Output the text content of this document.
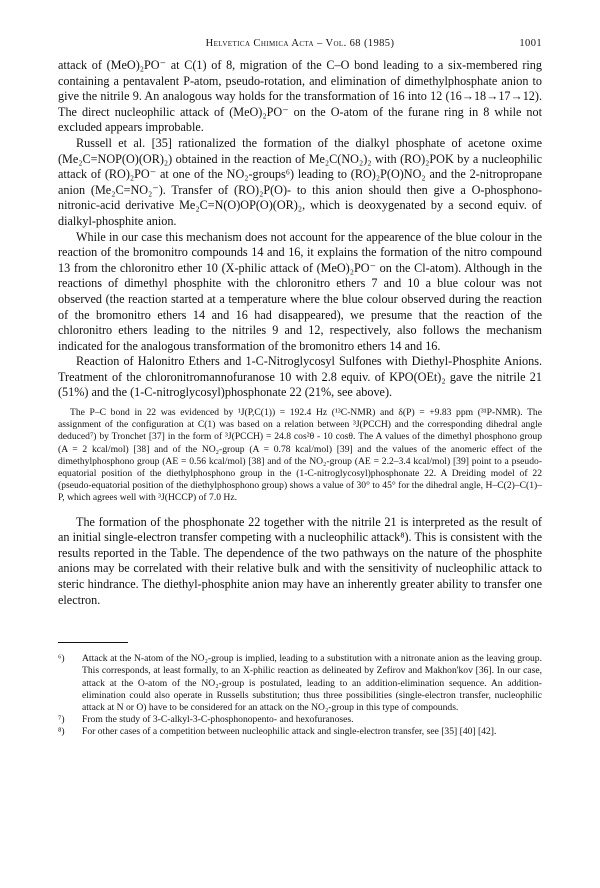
Helvetica Chimica Acta – Vol. 68 (1985)	1001

attack of (MeO)₂PO⁻ at C(1) of 8, migration of the C–O bond leading to a six-membered ring containing a pentavalent P-atom, pseudo-rotation, and elimination of dimethylphosphate anion to give the nitrile 9. An analogous way holds for the transformation of 16 into 12 (16→18→17→12). The direct nucleophilic attack of (MeO)₂PO⁻ on the O-atom of the furane ring in 8 while not excluded appears improbable.

Russell et al. [35] rationalized the formation of the dialkyl phosphate of acetone oxime (Me₂C=NOP(O)(OR)₂) obtained in the reaction of Me₂C(NO₂)₂ with (RO)₂POK by a nucleophilic attack of (RO)₂PO⁻ at one of the NO₂-groups⁶) leading to (RO)₂P(O)NO₂ and the 2-nitropropane anion (Me₂C=NO₂⁻). Transfer of (RO)₂P(O)- to this anion should then give a O-phosphono-nitronic-acid derivative Me₂C=N(O)OP(O)(OR)₂, which is deoxygenated by a second equiv. of dialkyl-phosphite anion.

While in our case this mechanism does not account for the appearence of the blue colour in the reaction of the bromonitro compounds 14 and 16, it explains the formation of the nitro compound 13 from the chloronitro ether 10 (X-philic attack of (MeO)₂PO⁻ on the Cl-atom). Although in the reactions of dimethyl phosphite with the chloronitro ethers 7 and 10 a blue colour was not observed (the reaction started at a temperature where the blue colour observed during the reaction of the bromonitro ethers 14 and 16 had disappeared), we presume that the reaction of the chloronitro ethers leading to the nitriles 9 and 12, respectively, also follows the mechanism indicated for the analogous transformation of the bromonitro ethers 14 and 16.

Reaction of Halonitro Ethers and 1-C-Nitroglycosyl Sulfones with Diethyl-Phosphite Anions. Treatment of the chloronitromannofuranose 10 with 2.8 equiv. of KPO(OEt)₂ gave the nitrile 21 (51%) and the (1-C-nitroglycosyl)phosphonate 22 (21%, see above).

The P–C bond in 22 was evidenced by ¹J(P,C(1)) = 192.4 Hz (¹³C-NMR) and δ(P) = +9.83 ppm (³¹P-NMR). The assignment of the configuration at C(1) was based on a relation between ³J(PCCH) and the corresponding dihedral angle deduced⁷) by Tronchet [37] in the form of ³J(PCCH) = 24.8 cos²θ - 10 cosθ. The A values of the dimethyl phosphono group (A = 2 kcal/mol) [38] and of the NO₂-group (A = 0.78 kcal/mol) [39] and the values of the anomeric effect of the dimethylphosphono group (AE = 0.56 kcal/mol) [38] and of the NO₂-group (AE = 2.2–3.4 kcal/mol) [39] point to a pseudo-equatorial position of the diethylphosphono group in the (1-C-nitroglycosyl)phosphonate 22. A Dreiding model of 22 (pseudo-equatorial position of the diethylphosphono group) shows a value of 30° to 45° for the dihedral angle, H–C(2)–C(1)–P, which agrees well with ³J(HCCP) of 7.0 Hz.

The formation of the phosphonate 22 together with the nitrile 21 is interpreted as the result of an initial single-electron transfer competing with a nucleophilic attack⁸). This is consistent with the results reported in the Table. The dependence of the two pathways on the nature of the phosphite anions may be correlated with their relative bulk and with the sensitivity of nucleophilic attack to steric hindrance. The diethyl-phosphite anion may have an inherently greater ability to transfer one electron.

⁶)	Attack at the N-atom of the NO₂-group is implied, leading to a substitution with a nitronate anion as the leaving group. This corresponds, at least formally, to an X-philic reaction as delineated by Zefirov and Makhon'kov [36]. In our case, attack at the O-atom of the NO₂-group is postulated, leading to an addition-elimination sequence. An addition-elimination could also operate in Russells substitution; thus three possibilities (single-electron transfer, nucleophilic attack at N or O) have to be considered for an attack on the NO₂-group in this type of compounds.
⁷)	From the study of 3-C-alkyl-3-C-phosphonopento- and hexofuranoses.
⁸)	For other cases of a competition between nucleophilic attack and single-electron transfer, see [35] [40] [42].
